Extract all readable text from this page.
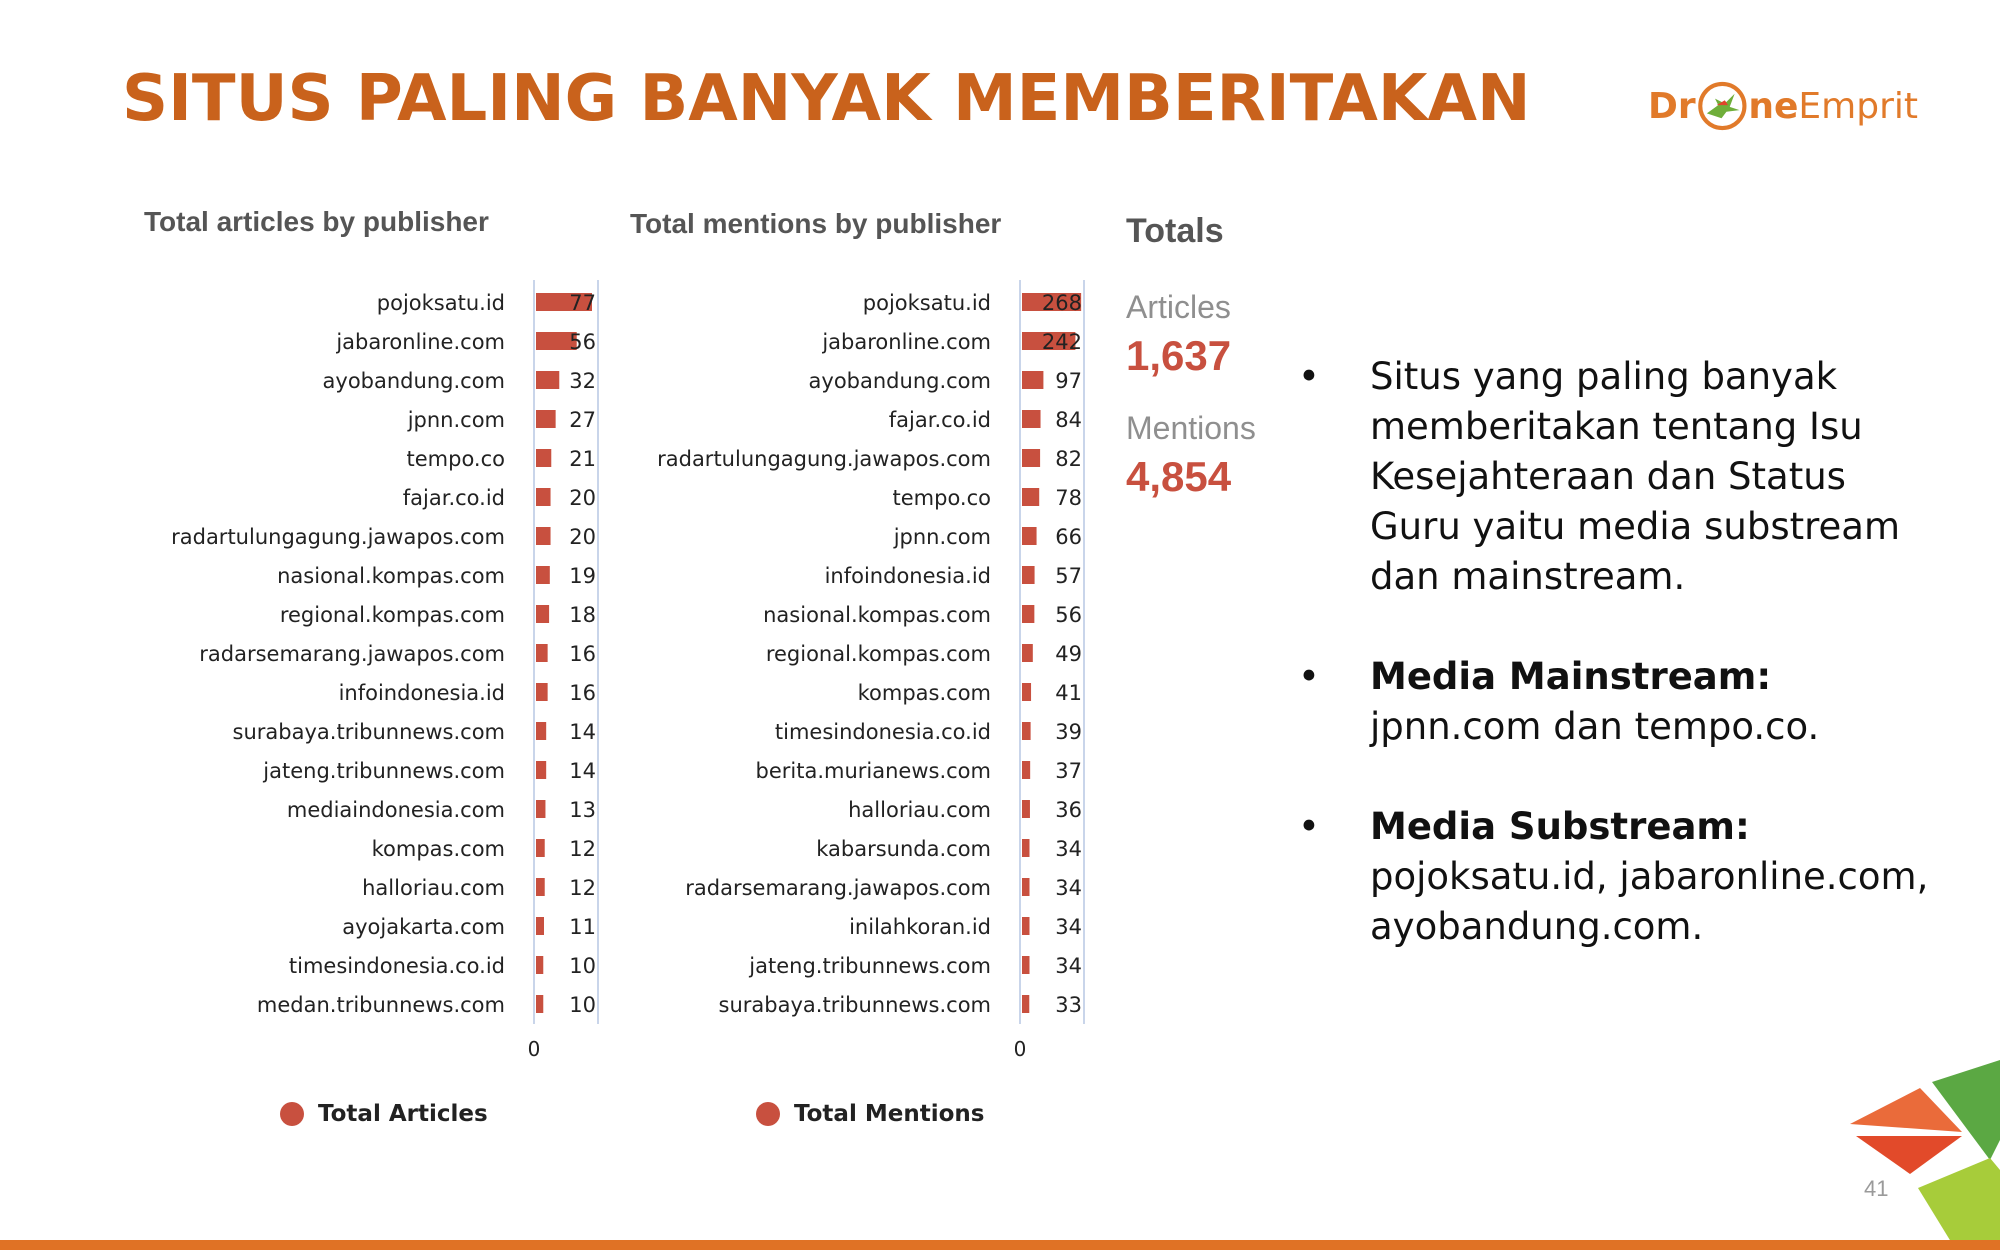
SITUS PALING BANYAK MEMBERITAKAN	Dr ne Emprit
Total articles by publisher	Total mentions by publisher
pojoksatu.id	77
jabaronline.com	56
ayobandung.com	32
jpnn.com	27
tempo.co	21
fajar.co.id	20
radartulungagung.jawapos.com	20
nasional.kompas.com	19
regional.kompas.com	18
radarsemarang.jawapos.com	16
infoindonesia.id	16
surabaya.tribunnews.com	14
jateng.tribunnews.com	14
mediaindonesia.com	13
kompas.com	12
halloriau.com	12
ayojakarta.com	11
timesindonesia.co.id	10
medan.tribunnews.com	10
0
pojoksatu.id 268
jabaronline.com 242
ayobandung.com	97
fajar.co.id	84
radartulungagung.jawapos.com	82
tempo.co	78
jpnn.com	66
infoindonesia.id	57
nasional.kompas.com	56
regional.kompas.com	49
kompas.com	41
timesindonesia.co.id	39
berita.murianews.com	37
halloriau.com	36
kabarsunda.com	34
radarsemarang.jawapos.com	34
inilahkoran.id	34
jateng.tribunnews.com	34
surabaya.tribunnews.com	33
0
Totals
Articles
1,637
Mentions
4,854
Total Articles	Total Mentions
• Situs yang paling banyak memberitakan tentang Isu Kesejahteraan dan Status Guru yaitu media substream dan mainstream.
• Media Mainstream:
jpnn.com dan tempo.co.
• Media Substream:
pojoksatu.id, jabaronline.com, ayobandung.com.
41
